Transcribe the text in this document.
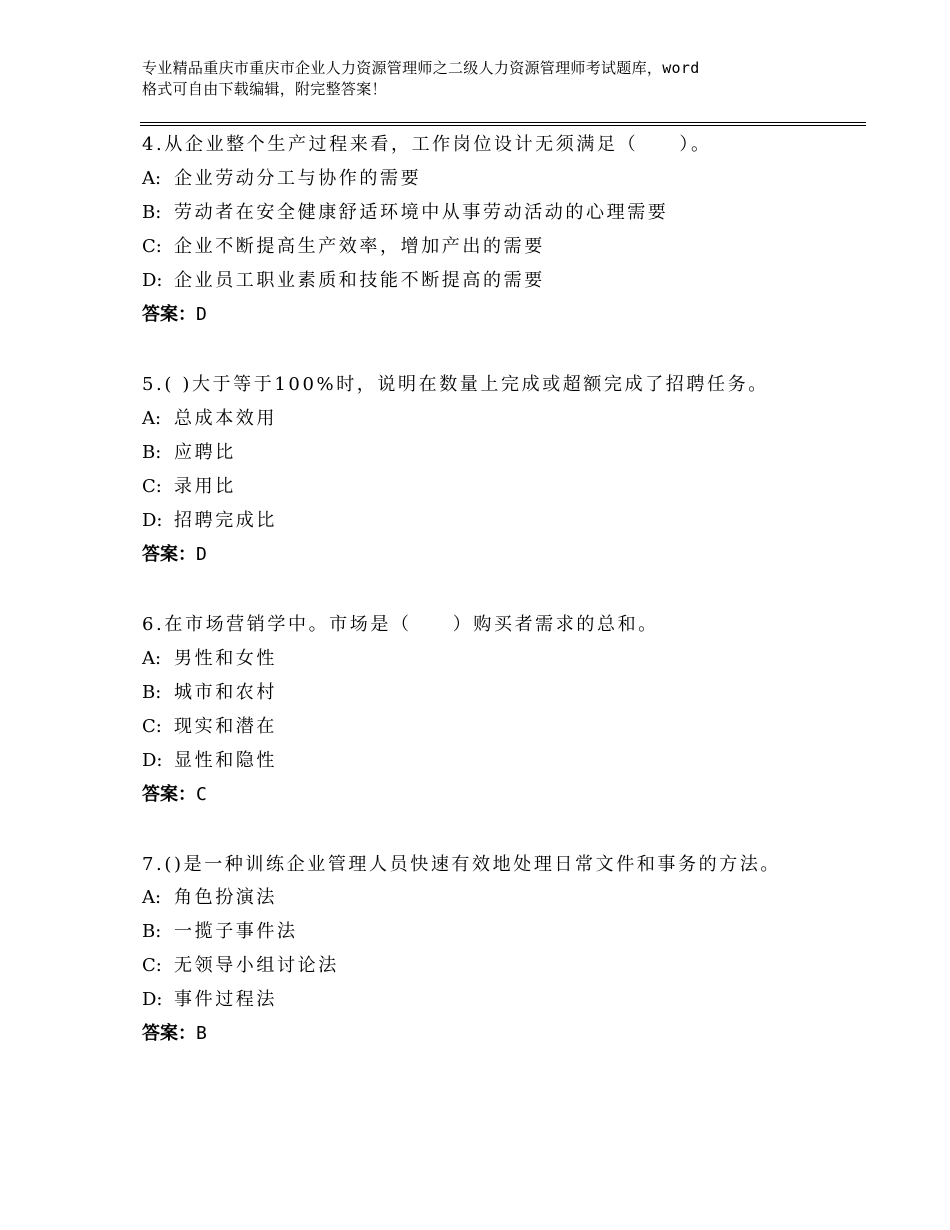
专业精品重庆市重庆市企业人力资源管理师之二级人力资源管理师考试题库，word
格式可自由下载编辑，附完整答案！

4.从企业整个生产过程来看，工作岗位设计无须满足（　　）。

A: 企业劳动分工与协作的需要

B: 劳动者在安全健康舒适环境中从事劳动活动的心理需要

C: 企业不断提高生产效率，增加产出的需要

D: 企业员工职业素质和技能不断提高的需要

答案：D

5.( )大于等于100%时，说明在数量上完成或超额完成了招聘任务。

A: 总成本效用

B: 应聘比

C: 录用比

D: 招聘完成比

答案：D

6.在市场营销学中。市场是（　　）购买者需求的总和。

A: 男性和女性

B: 城市和农村

C: 现实和潜在

D: 显性和隐性

答案：C

7.()是一种训练企业管理人员快速有效地处理日常文件和事务的方法。

A: 角色扮演法

B: 一揽子事件法

C: 无领导小组讨论法

D: 事件过程法

答案：B
